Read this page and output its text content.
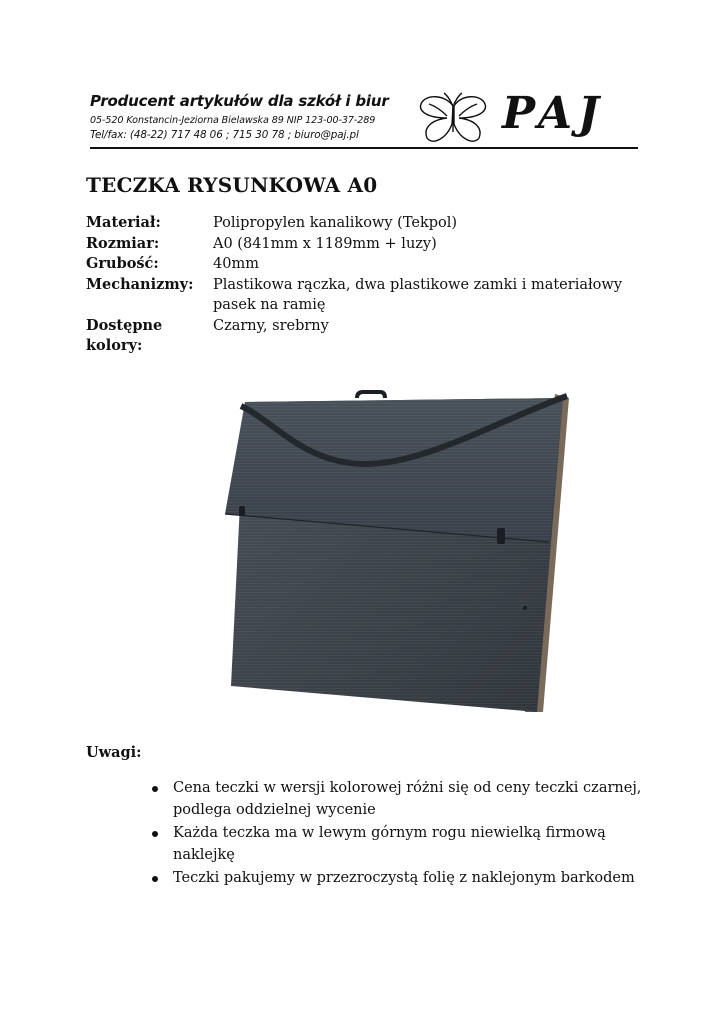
Producent artykułów dla szkół i biur
05-520 Konstancin-Jeziorna Bielawska 89 NIP 123-00-37-289
Tel/fax: (48-22) 717 48 06 ; 715 30 78 ; biuro@paj.pl	PAJ
TECZKA RYSUNKOWA A0
Materiał:	Polipropylen kanalikowy (Tekpol)
Rozmiar:	A0 (841mm x 1189mm + luzy)
Grubość:	40mm
Mechanizmy:	Plastikowa rączka, dwa plastikowe zamki i materiałowy pasek na ramię
Dostępne kolory:
Czarny, srebrny
Uwagi:
Cena teczki w wersji kolorowej różni się od ceny teczki czarnej, podlega oddzielnej wycenie
Każda teczka ma w lewym górnym rogu niewielką firmową naklejkę
Teczki pakujemy w przezroczystą folię z naklejonym barkodem
